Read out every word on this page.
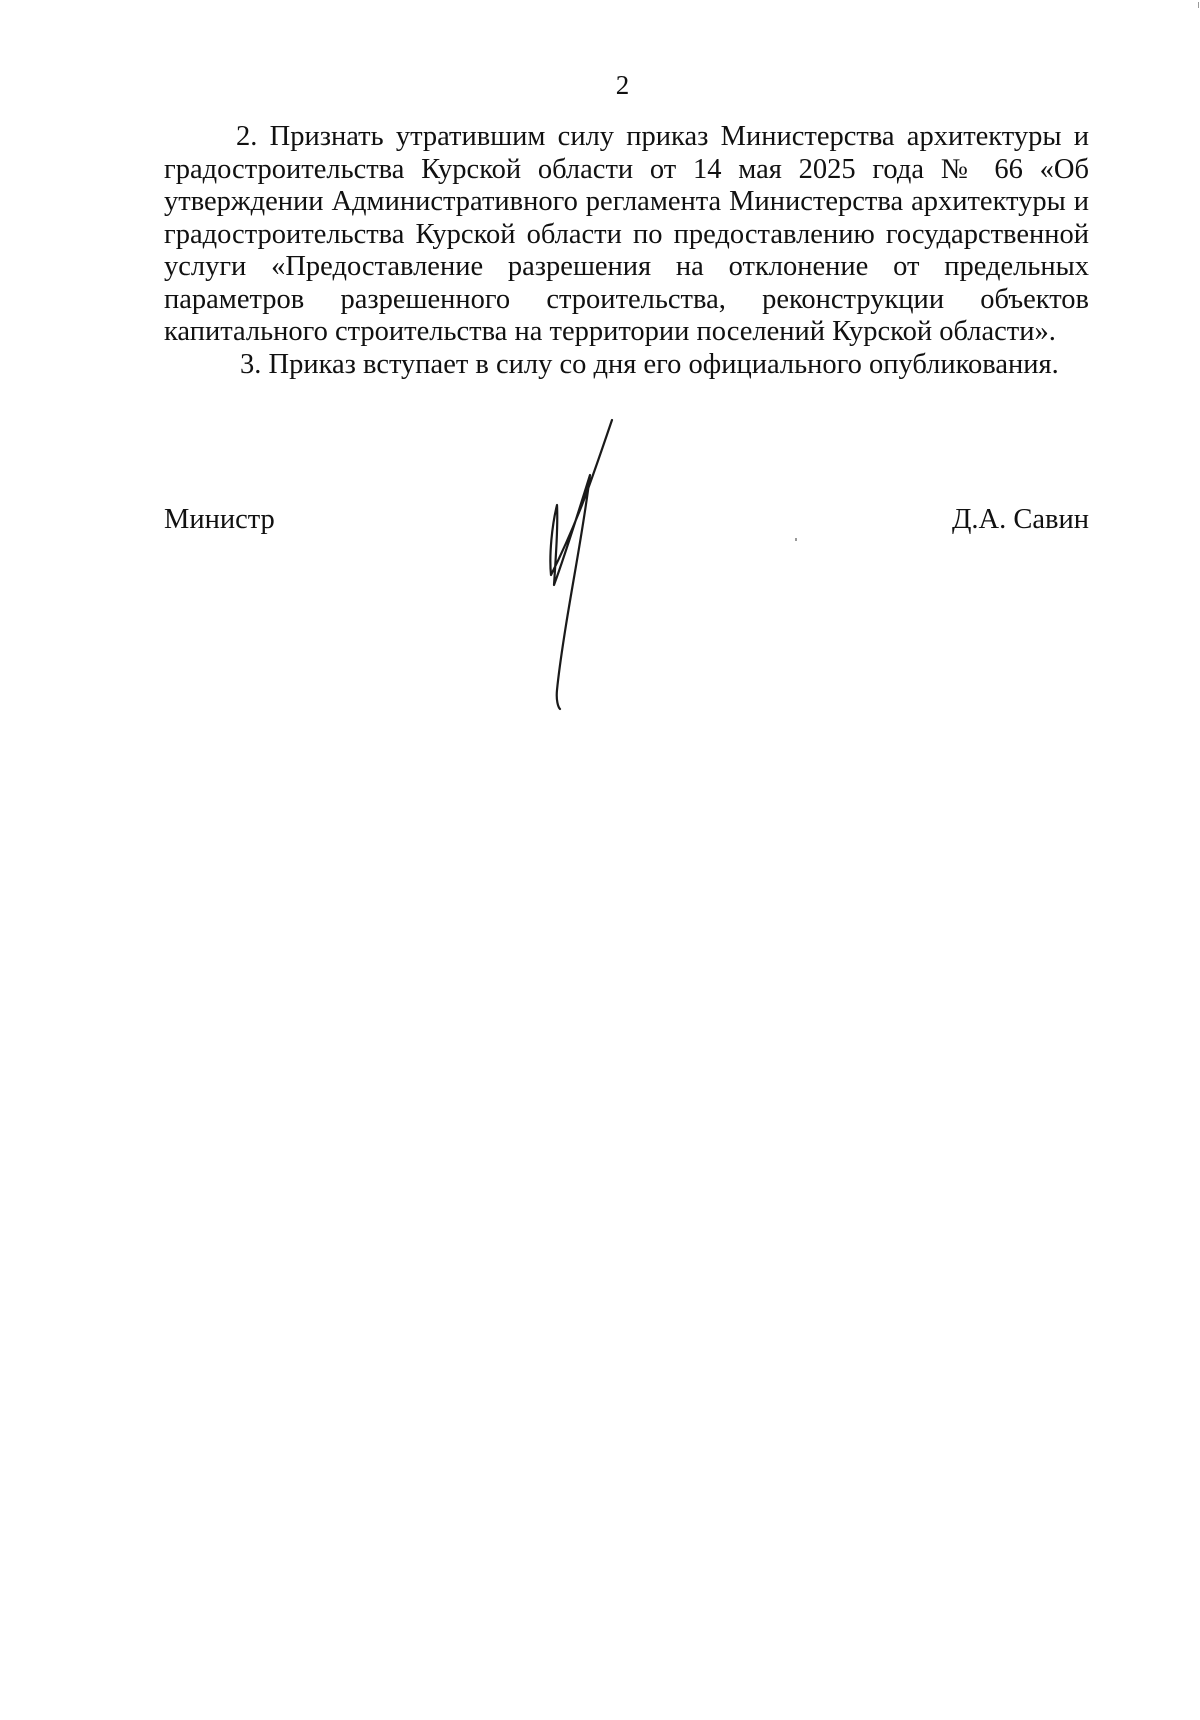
2

2. Признать утратившим силу приказ Министерства архитектуры и градостроительства Курской области от 14 мая 2025 года № 66 «Об утверждении Административного регламента Министерства архитектуры и градостроительства Курской области по предоставлению государственной услуги «Предоставление разрешения на отклонение от предельных параметров разрешенного строительства, реконструкции объектов капитального строительства на территории поселений Курской области».

3. Приказ вступает в силу со дня его официального опубликования.

Министр	Д.А. Савин
